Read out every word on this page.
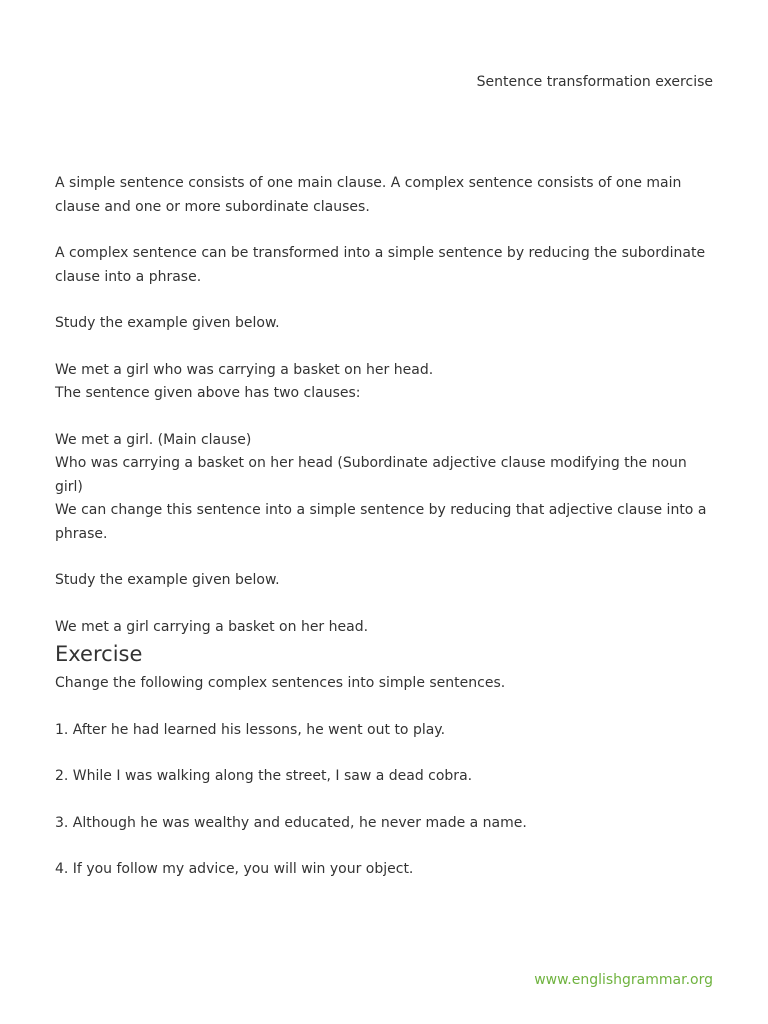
Sentence transformation exercise

A simple sentence consists of one main clause. A complex sentence consists of one main clause and one or more subordinate clauses.

A complex sentence can be transformed into a simple sentence by reducing the subordinate clause into a phrase.

Study the example given below.

We met a girl who was carrying a basket on her head.

The sentence given above has two clauses:

We met a girl. (Main clause)

Who was carrying a basket on her head (Subordinate adjective clause modifying the noun girl)

We can change this sentence into a simple sentence by reducing that adjective clause into a phrase.

Study the example given below.

We met a girl carrying a basket on her head.

Exercise

Change the following complex sentences into simple sentences.

1. After he had learned his lessons, he went out to play.

2. While I was walking along the street, I saw a dead cobra.

3. Although he was wealthy and educated, he never made a name.

4. If you follow my advice, you will win your object.

www.englishgrammar.org
